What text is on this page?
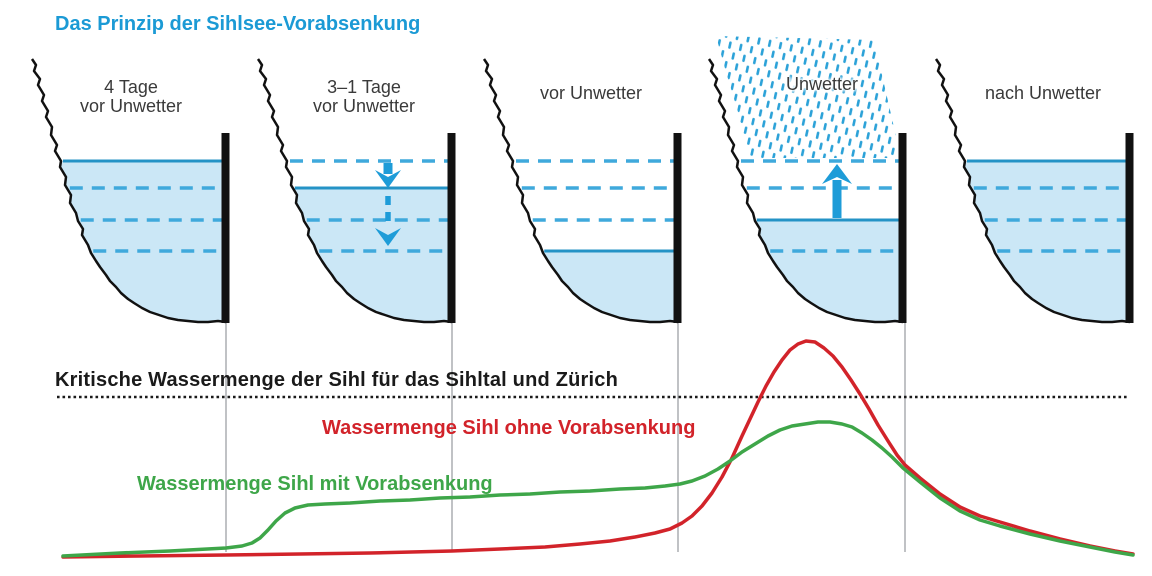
Das Prinzip der Sihlsee-Vorabsenkung
4 Tage
vor Unwetter
3–1 Tage
vor Unwetter
vor Unwetter	Unwetter	nach Unwetter
Kritische Wassermenge der Sihl für das Sihltal und Zürich
Wassermenge Sihl ohne Vorabsenkung
Wassermenge Sihl mit Vorabsenkung
